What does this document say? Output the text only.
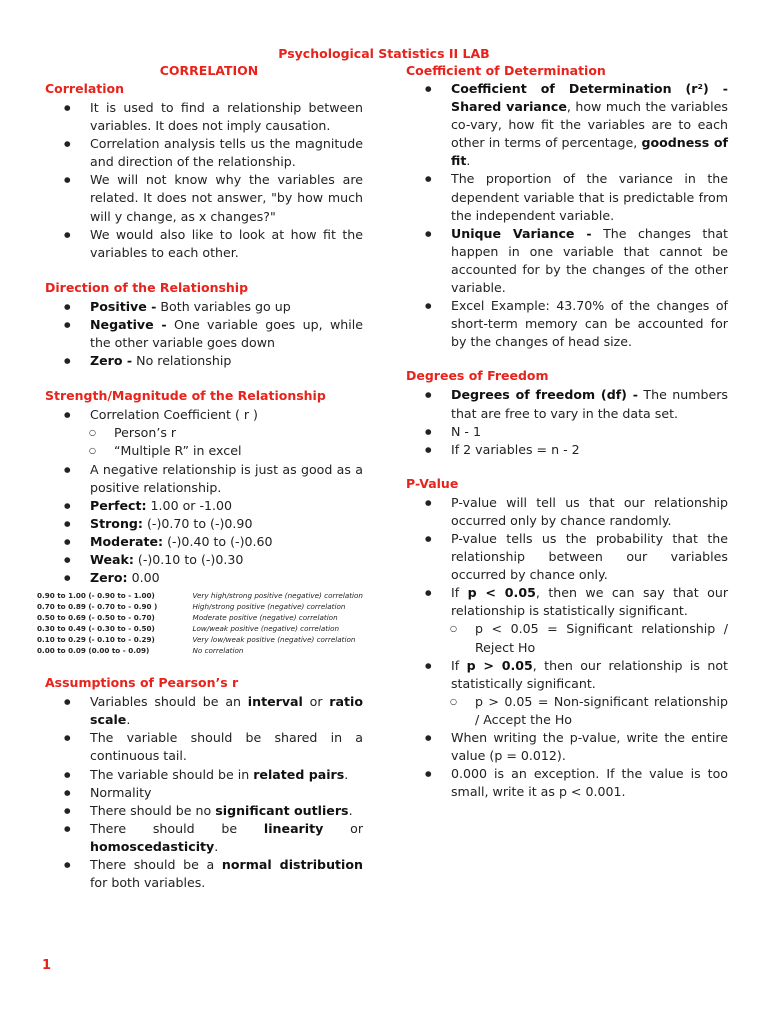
Psychological Statistics II LAB
CORRELATION
Correlation
● It is used to find a relationship between variables. It does not imply causation.
● Correlation analysis tells us the magnitude and direction of the relationship.
● We will not know why the variables are related. It does not answer, "by how much will y change, as x changes?"
● We would also like to look at how fit the variables to each other.
Direction of the Relationship
● Positive - Both variables go up
● Negative - One variable goes up, while the other variable goes down
● Zero - No relationship
Strength/Magnitude of the Relationship
● Correlation Coefficient ( r )
○ Person’s r
○ “Multiple R” in excel
● A negative relationship is just as good as a positive relationship.
● Perfect: 1.00 or -1.00
● Strong: (-)0.70 to (-)0.90
● Moderate: (-)0.40 to (-)0.60
● Weak: (-)0.10 to (-)0.30
● Zero: 0.00
0.90 to 1.00 (- 0.90 to - 1.00)	Very high/strong positive (negative) correlation
0.70 to 0.89 (- 0.70 to - 0.90 )	High/strong positive (negative) correlation
0.50 to 0.69 (- 0.50 to - 0.70)	Moderate positive (negative) correlation
0.30 to 0.49 (- 0.30 to - 0.50)	Low/weak positive (negative) correlation
0.10 to 0.29 (- 0.10 to - 0.29)	Very low/weak positive (negative) correlation
0.00 to 0.09 (0.00 to - 0.09)	No correlation
Assumptions of Pearson’s r
● Variables should be an interval or ratio scale.
● The variable should be shared in a continuous tail.
● The variable should be in related pairs.
● Normality
● There should be no significant outliers.
● There should be linearity or homoscedasticity.
● There should be a normal distribution for both variables.
Coefficient of Determination
● Coefficient of Determination (r²) - Shared variance, how much the variables co-vary, how fit the variables are to each other in terms of percentage, goodness of fit.
● The proportion of the variance in the dependent variable that is predictable from the independent variable.
● Unique Variance - The changes that happen in one variable that cannot be accounted for by the changes of the other variable.
● Excel Example: 43.70% of the changes of short-term memory can be accounted for by the changes of head size.
Degrees of Freedom
● Degrees of freedom (df) - The numbers that are free to vary in the data set.
● N - 1
● If 2 variables = n - 2
P-Value
● P-value will tell us that our relationship occurred only by chance randomly.
● P-value tells us the probability that the relationship between our variables occurred by chance only.
● If p < 0.05, then we can say that our relationship is statistically significant.
○ p < 0.05 = Significant relationship / Reject Ho
● If p > 0.05, then our relationship is not statistically significant.
○ p > 0.05 = Non-significant relationship / Accept the Ho
● When writing the p-value, write the entire value (p = 0.012).
● 0.000 is an exception. If the value is too small, write it as p < 0.001.
1
